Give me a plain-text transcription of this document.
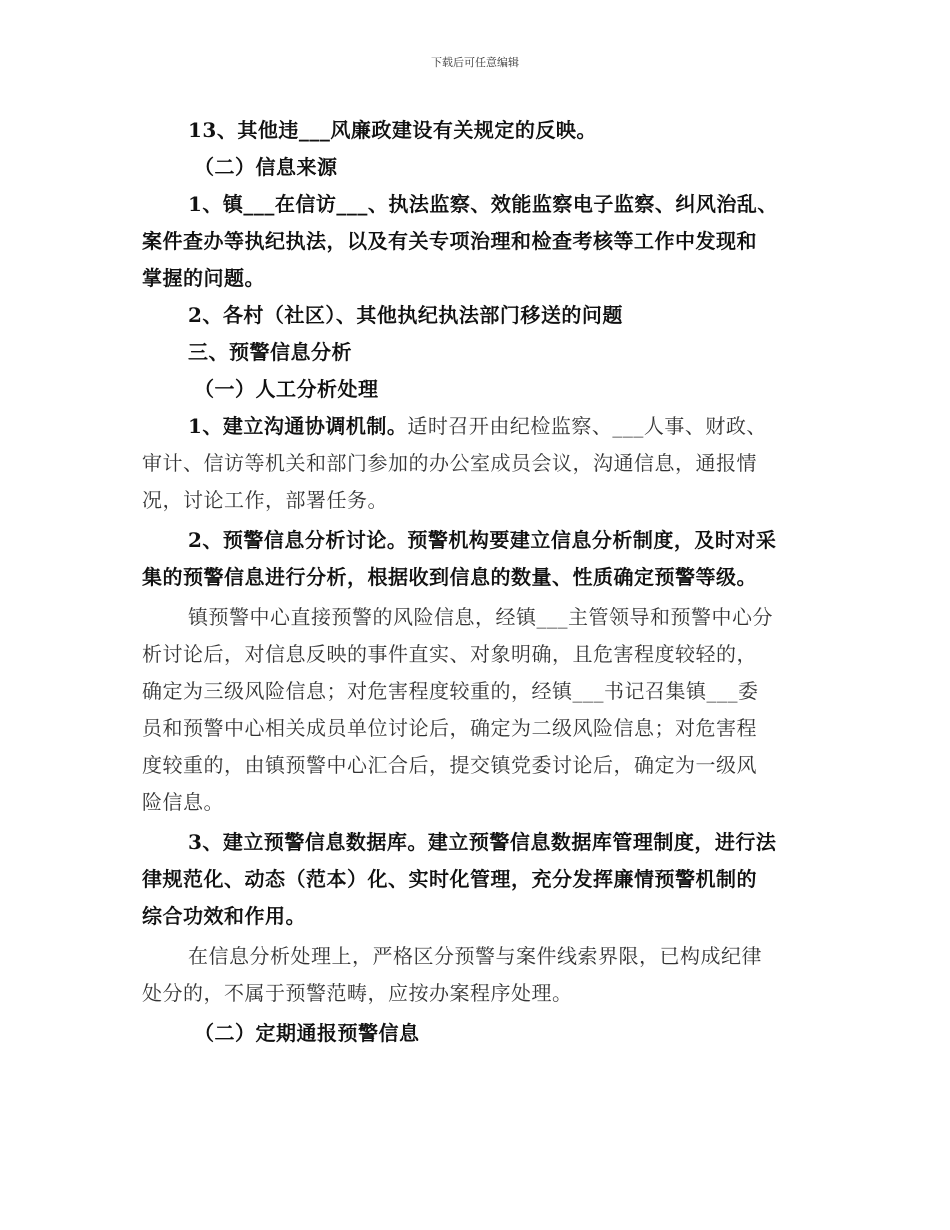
下载后可任意编辑
13、其他违___风廉政建设有关规定的反映。
（二）信息来源
1、镇___在信访___、执法监察、效能监察电子监察、纠风治乱、
案件查办等执纪执法，以及有关专项治理和检查考核等工作中发现和
掌握的问题。
2、各村（社区）、其他执纪执法部门移送的问题
三、预警信息分析
（一）人工分析处理
1、建立沟通协调机制。适时召开由纪检监察、___人事、财政、
审计、信访等机关和部门参加的办公室成员会议，沟通信息，通报情
况，讨论工作，部署任务。
2、预警信息分析讨论。预警机构要建立信息分析制度，及时对采
集的预警信息进行分析，根据收到信息的数量、性质确定预警等级。
镇预警中心直接预警的风险信息，经镇___主管领导和预警中心分
析讨论后，对信息反映的事件直实、对象明确，且危害程度较轻的，
确定为三级风险信息；对危害程度较重的，经镇___书记召集镇___委
员和预警中心相关成员单位讨论后，确定为二级风险信息；对危害程
度较重的，由镇预警中心汇合后，提交镇党委讨论后，确定为一级风
险信息。
3、建立预警信息数据库。建立预警信息数据库管理制度，进行法
律规范化、动态（范本）化、实时化管理，充分发挥廉情预警机制的
综合功效和作用。
在信息分析处理上，严格区分预警与案件线索界限，已构成纪律
处分的，不属于预警范畴，应按办案程序处理。
（二）定期通报预警信息
